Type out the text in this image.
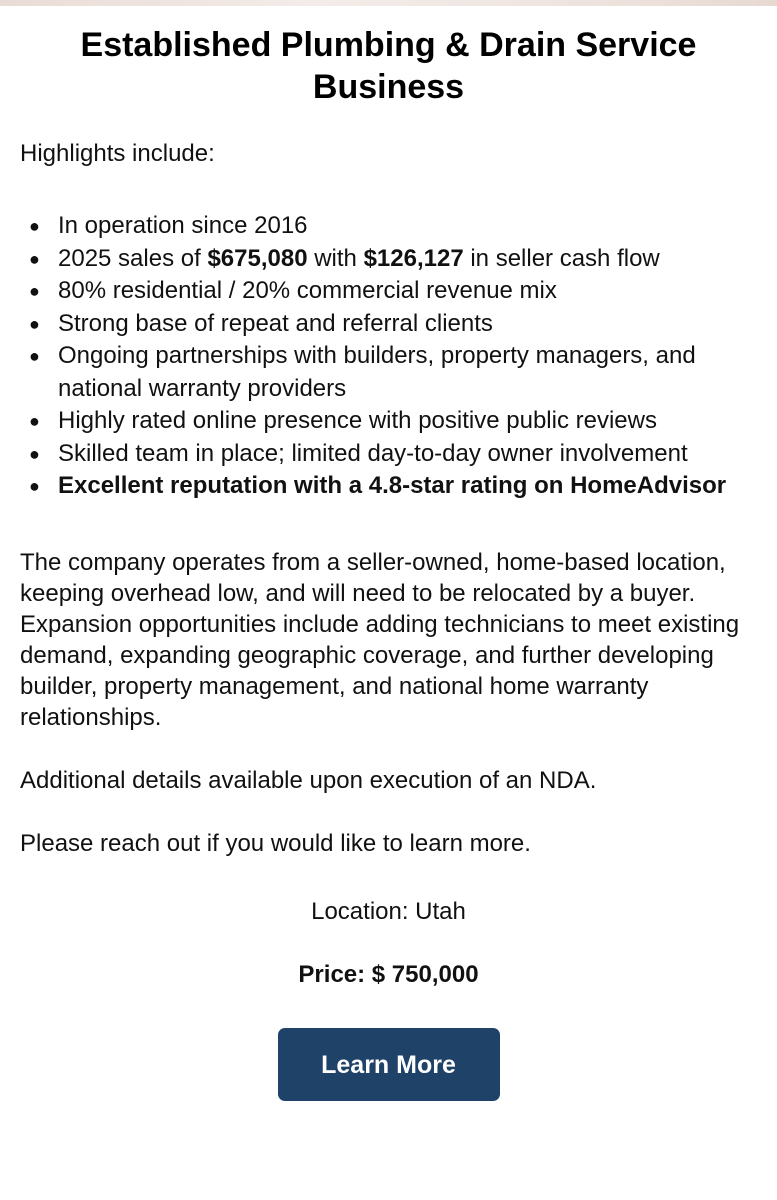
Established Plumbing & Drain Service Business

Highlights include:

● In operation since 2016
● 2025 sales of $675,080 with $126,127 in seller cash flow
● 80% residential / 20% commercial revenue mix
● Strong base of repeat and referral clients
● Ongoing partnerships with builders, property managers, and national warranty providers
● Highly rated online presence with positive public reviews
● Skilled team in place; limited day-to-day owner involvement
● Excellent reputation with a 4.8-star rating on HomeAdvisor

The company operates from a seller-owned, home-based location, keeping overhead low, and will need to be relocated by a buyer. Expansion opportunities include adding technicians to meet existing demand, expanding geographic coverage, and further developing builder, property management, and national home warranty relationships.

Additional details available upon execution of an NDA.

Please reach out if you would like to learn more.

Location: Utah

Price: $ 750,000

Learn More
